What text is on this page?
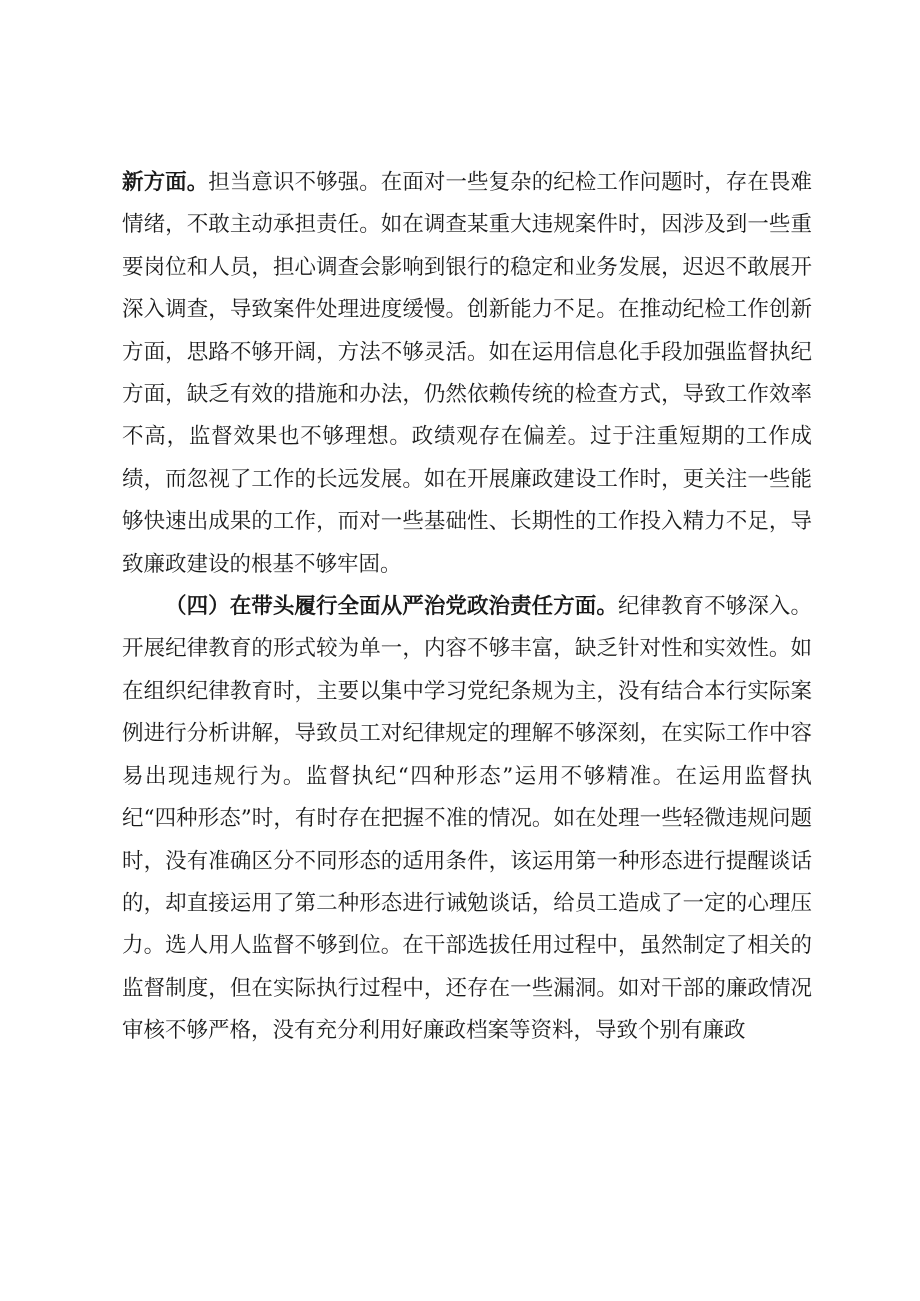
新方面。担当意识不够强。在面对一些复杂的纪检工作问题时，存在畏难情绪，不敢主动承担责任。如在调查某重大违规案件时，因涉及到一些重要岗位和人员，担心调查会影响到银行的稳定和业务发展，迟迟不敢展开深入调查，导致案件处理进度缓慢。创新能力不足。在推动纪检工作创新方面，思路不够开阔，方法不够灵活。如在运用信息化手段加强监督执纪方面，缺乏有效的措施和办法，仍然依赖传统的检查方式，导致工作效率不高，监督效果也不够理想。政绩观存在偏差。过于注重短期的工作成绩，而忽视了工作的长远发展。如在开展廉政建设工作时，更关注一些能够快速出成果的工作，而对一些基础性、长期性的工作投入精力不足，导致廉政建设的根基不够牢固。

（四）在带头履行全面从严治党政治责任方面。纪律教育不够深入。开展纪律教育的形式较为单一，内容不够丰富，缺乏针对性和实效性。如在组织纪律教育时，主要以集中学习党纪条规为主，没有结合本行实际案例进行分析讲解，导致员工对纪律规定的理解不够深刻，在实际工作中容易出现违规行为。监督执纪“四种形态”运用不够精准。在运用监督执纪“四种形态”时，有时存在把握不准的情况。如在处理一些轻微违规问题时，没有准确区分不同形态的适用条件，该运用第一种形态进行提醒谈话的，却直接运用了第二种形态进行诫勉谈话，给员工造成了一定的心理压力。选人用人监督不够到位。在干部选拔任用过程中，虽然制定了相关的监督制度，但在实际执行过程中，还存在一些漏洞。如对干部的廉政情况审核不够严格，没有充分利用好廉政档案等资料，导致个别有廉政
